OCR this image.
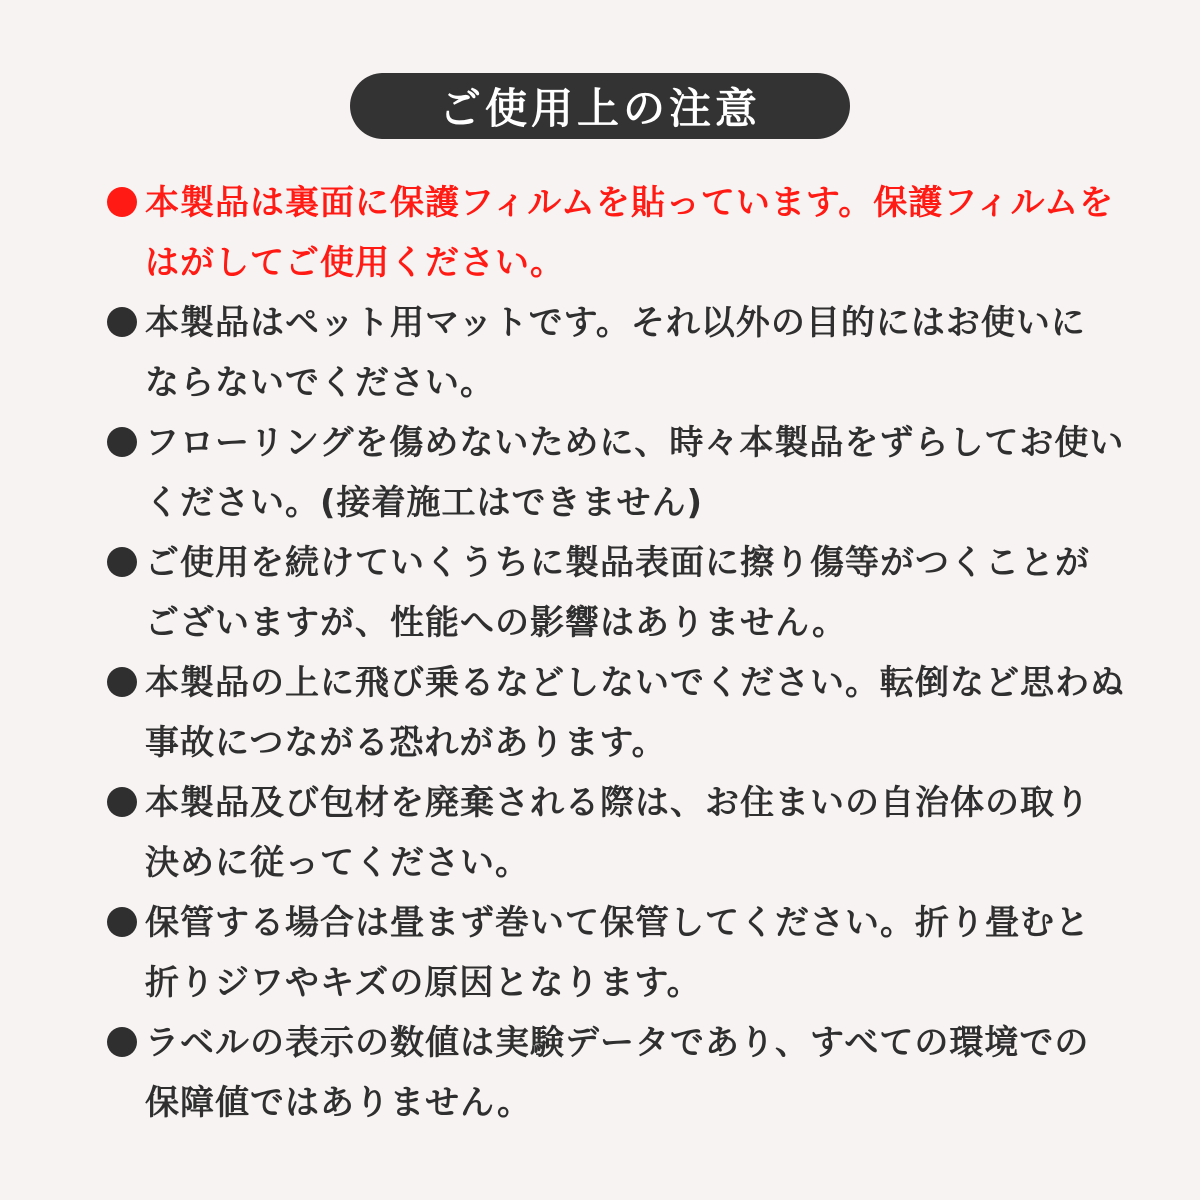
ご使用上の注意
本製品は裏面に保護フィルムを貼っています。保護フィルムを
はがしてご使用ください。
本製品はペット用マットです。それ以外の目的にはお使いに
ならないでください。
フローリングを傷めないために、時々本製品をずらしてお使い
ください。(接着施工はできません)
ご使用を続けていくうちに製品表面に擦り傷等がつくことが
ございますが、性能への影響はありません。
本製品の上に飛び乗るなどしないでください。転倒など思わぬ
事故につながる恐れがあります。
本製品及び包材を廃棄される際は、お住まいの自治体の取り
決めに従ってください。
保管する場合は畳まず巻いて保管してください。折り畳むと
折りジワやキズの原因となります。
ラベルの表示の数値は実験データであり、すべての環境での
保障値ではありません。
